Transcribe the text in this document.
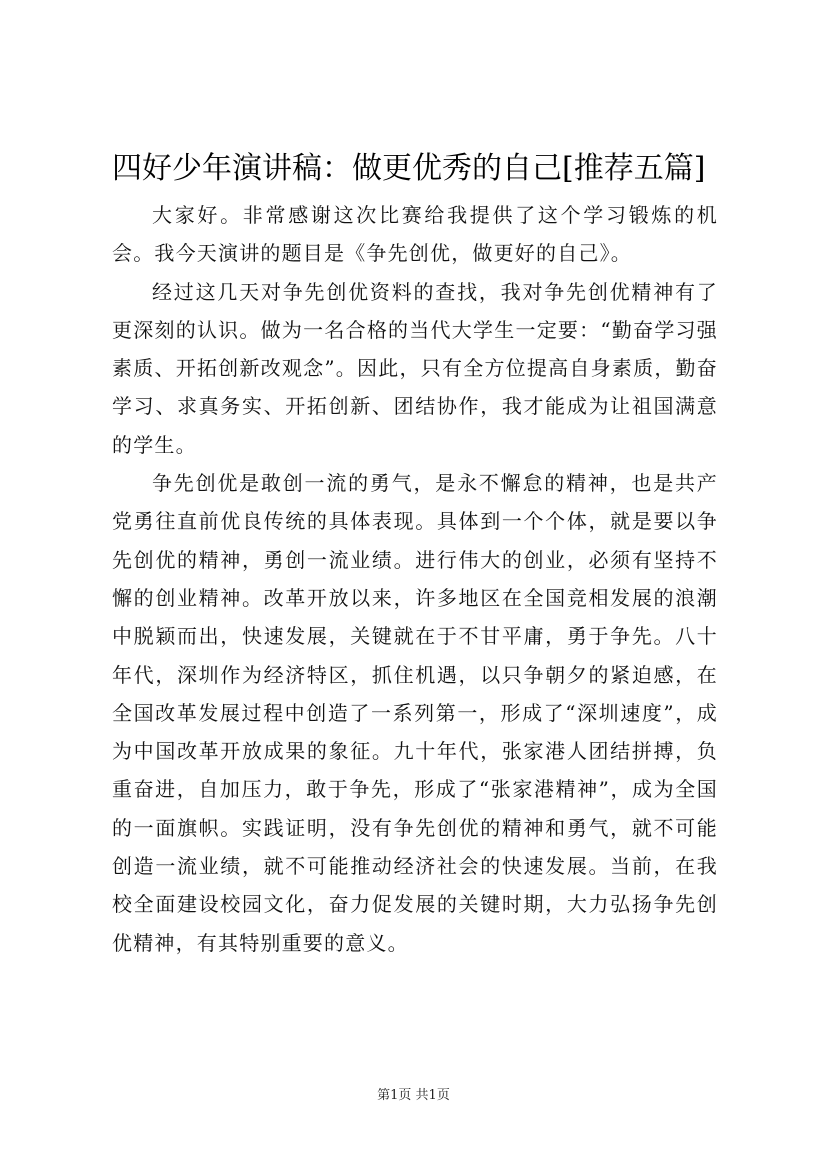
四好少年演讲稿：做更优秀的自己[推荐五篇]

大家好。非常感谢这次比赛给我提供了这个学习锻炼的机会。我今天演讲的题目是《争先创优，做更好的自己》。

经过这几天对争先创优资料的查找，我对争先创优精神有了更深刻的认识。做为一名合格的当代大学生一定要：“勤奋学习强素质、开拓创新改观念”。因此，只有全方位提高自身素质，勤奋学习、求真务实、开拓创新、团结协作，我才能成为让祖国满意的学生。

争先创优是敢创一流的勇气，是永不懈怠的精神，也是共产党勇往直前优良传统的具体表现。具体到一个个体，就是要以争先创优的精神，勇创一流业绩。进行伟大的创业，必须有坚持不懈的创业精神。改革开放以来，许多地区在全国竞相发展的浪潮中脱颖而出，快速发展，关键就在于不甘平庸，勇于争先。八十年代，深圳作为经济特区，抓住机遇，以只争朝夕的紧迫感，在全国改革发展过程中创造了一系列第一，形成了“深圳速度”，成为中国改革开放成果的象征。九十年代，张家港人团结拼搏，负重奋进，自加压力，敢于争先，形成了“张家港精神”，成为全国的一面旗帜。实践证明，没有争先创优的精神和勇气，就不可能创造一流业绩，就不可能推动经济社会的快速发展。当前，在我校全面建设校园文化，奋力促发展的关键时期，大力弘扬争先创优精神，有其特别重要的意义。

第1页 共1页
